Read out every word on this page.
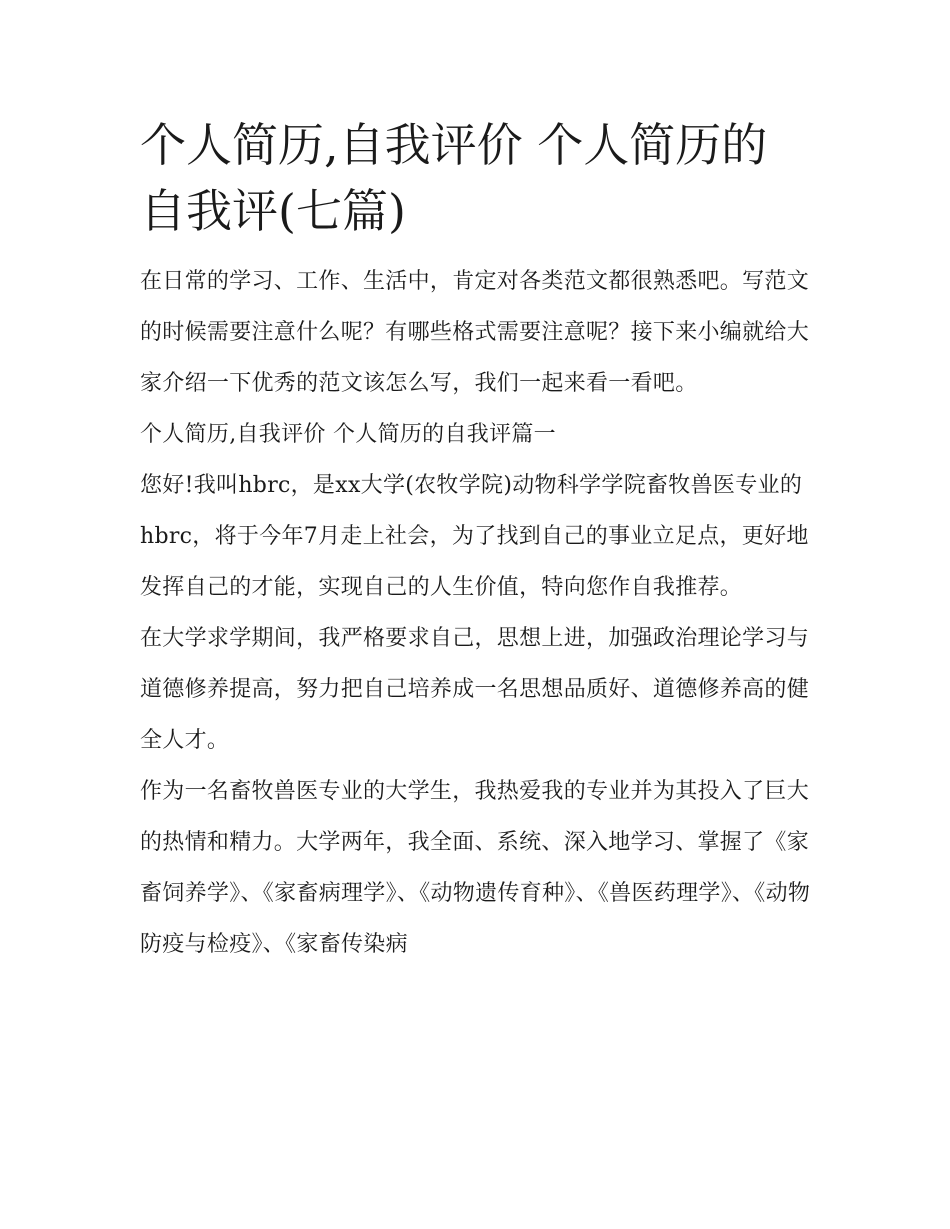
个人简历,自我评价 个人简历的自我评(七篇)

在日常的学习、工作、生活中，肯定对各类范文都很熟悉吧。写范文的时候需要注意什么呢？有哪些格式需要注意呢？接下来小编就给大家介绍一下优秀的范文该怎么写，我们一起来看一看吧。

个人简历,自我评价 个人简历的自我评篇一

您好!我叫hbrc，是xx大学(农牧学院)动物科学学院畜牧兽医专业的hbrc，将于今年7月走上社会，为了找到自己的事业立足点，更好地发挥自己的才能，实现自己的人生价值，特向您作自我推荐。

在大学求学期间，我严格要求自己，思想上进，加强政治理论学习与道德修养提高，努力把自己培养成一名思想品质好、道德修养高的健全人才。

作为一名畜牧兽医专业的大学生，我热爱我的专业并为其投入了巨大的热情和精力。大学两年，我全面、系统、深入地学习、掌握了《家畜饲养学》、《家畜病理学》、《动物遗传育种》、《兽医药理学》、《动物防疫与检疫》、《家畜传染病
